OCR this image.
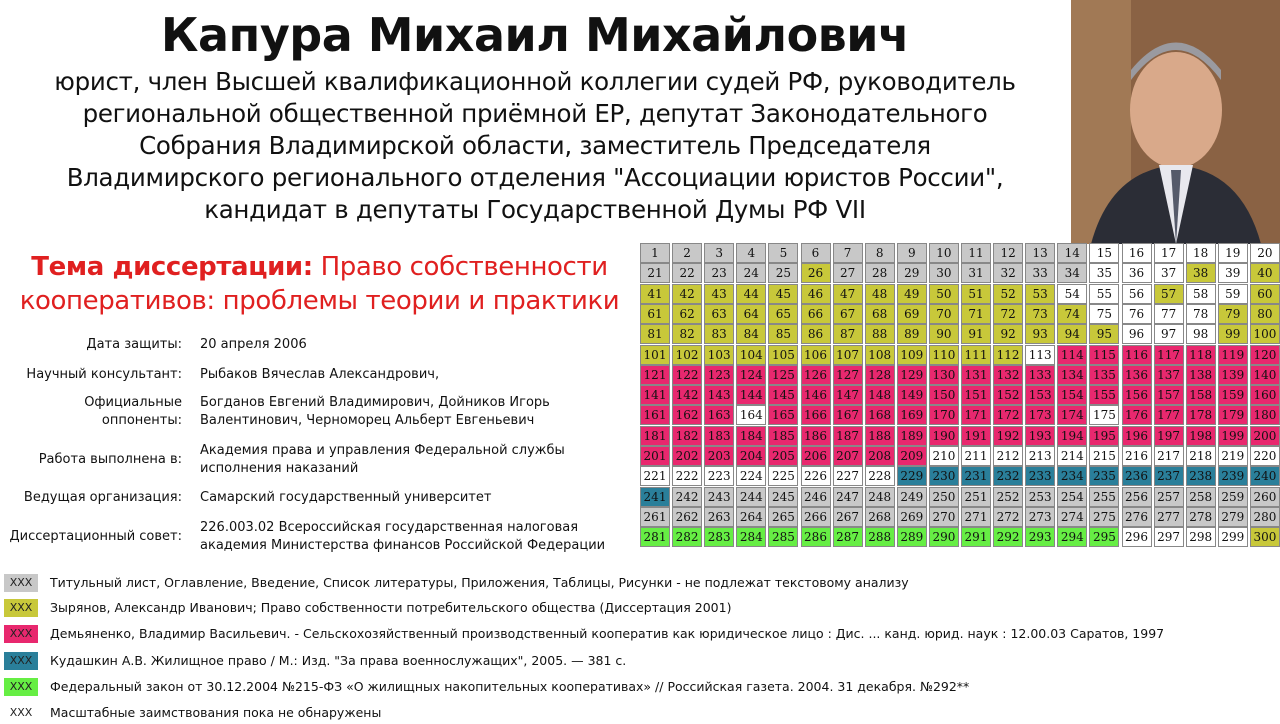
Капура Михаил Михайлович
юрист, член Высшей квалификационной коллегии судей РФ, руководитель
региональной общественной приёмной ЕР, депутат Законодательного
Собрания Владимирской области, заместитель Председателя
Владимирского регионального отделения "Ассоциации юристов России",
кандидат в депутаты Государственной Думы РФ VII
Тема диссертации: Право собственности кооперативов: проблемы теории и практики
Дата защиты: 20 апреля 2006
Научный консультант: Рыбаков Вячеслав Александрович,
Официальные оппоненты:
Богданов Евгений Владимирович, Дойников Игорь Валентинович, Черноморец Альберт Евгеньевич
Работа выполнена в:
Академия права и управления Федеральной службы исполнения наказаний
Ведущая организация: Самарский государственный университет
Диссертационный совет:
226.003.02 Всероссийская государственная налоговая академия Министерства финансов Российской Федерации
1	2	3	4	5	6	7	8	9	10	11	12	13	14	15	16	17	18	19	20
21	22	23	24	25	26	27	28	29	30	31	32	33	34	35	36	37	38	39	40
41	42	43	44	45	46	47	48	49	50	51	52	53	54	55	56	57	58	59	60
61	62	63	64	65	66	67	68	69	70	71	72	73	74	75	76	77	78	79	80
81	82	83	84	85	86	87	88	89	90	91	92	93	94	95	96	97	98	99	100
101 102 103 104 105 106 107 108 109 110 111 112 113 114 115 116 117 118 119 120
121 122 123 124 125 126 127 128 129 130 131 132 133 134 135 136 137 138 139 140
141 142 143 144 145 146 147 148 149 150 151 152 153 154 155 156 157 158 159 160
161 162 163 164 165 166 167 168 169 170 171 172 173 174 175 176 177 178 179 180
181 182 183 184 185 186 187 188 189 190 191 192 193 194 195 196 197 198 199 200
201 202 203 204 205 206 207 208 209 210 211 212 213 214 215 216 217 218 219 220
221 222 223 224 225 226 227 228 229 230 231 232 233 234 235 236 237 238 239 240
241 242 243 244 245 246 247 248 249 250 251 252 253 254 255 256 257 258 259 260
261 262 263 264 265 266 267 268 269 270 271 272 273 274 275 276 277 278 279 280
281 282 283 284 285 286 287 288 289 290 291 292 293 294 295 296 297 298 299 300
XXX	Титульный лист, Оглавление, Введение, Список литературы, Приложения, Таблицы, Рисунки - не подлежат текстовому анализу
XXX	Зырянов, Александр Иванович; Право собственности потребительского общества (Диссертация 2001)
XXX	Демьяненко, Владимир Васильевич. - Сельскохозяйственный производственный кооператив как юридическое лицо : Дис. ... канд. юрид. наук : 12.00.03 Саратов, 1997
XXX	Кудашкин А.В. Жилищное право / М.: Изд. "За права военнослужащих", 2005. — 381 с.
XXX	Федеральный закон от 30.12.2004 №215-ФЗ «О жилищных накопительных кооперативах» // Российская газета. 2004. 31 декабря. №292**
XXX	Масштабные заимствования пока не обнаружены
